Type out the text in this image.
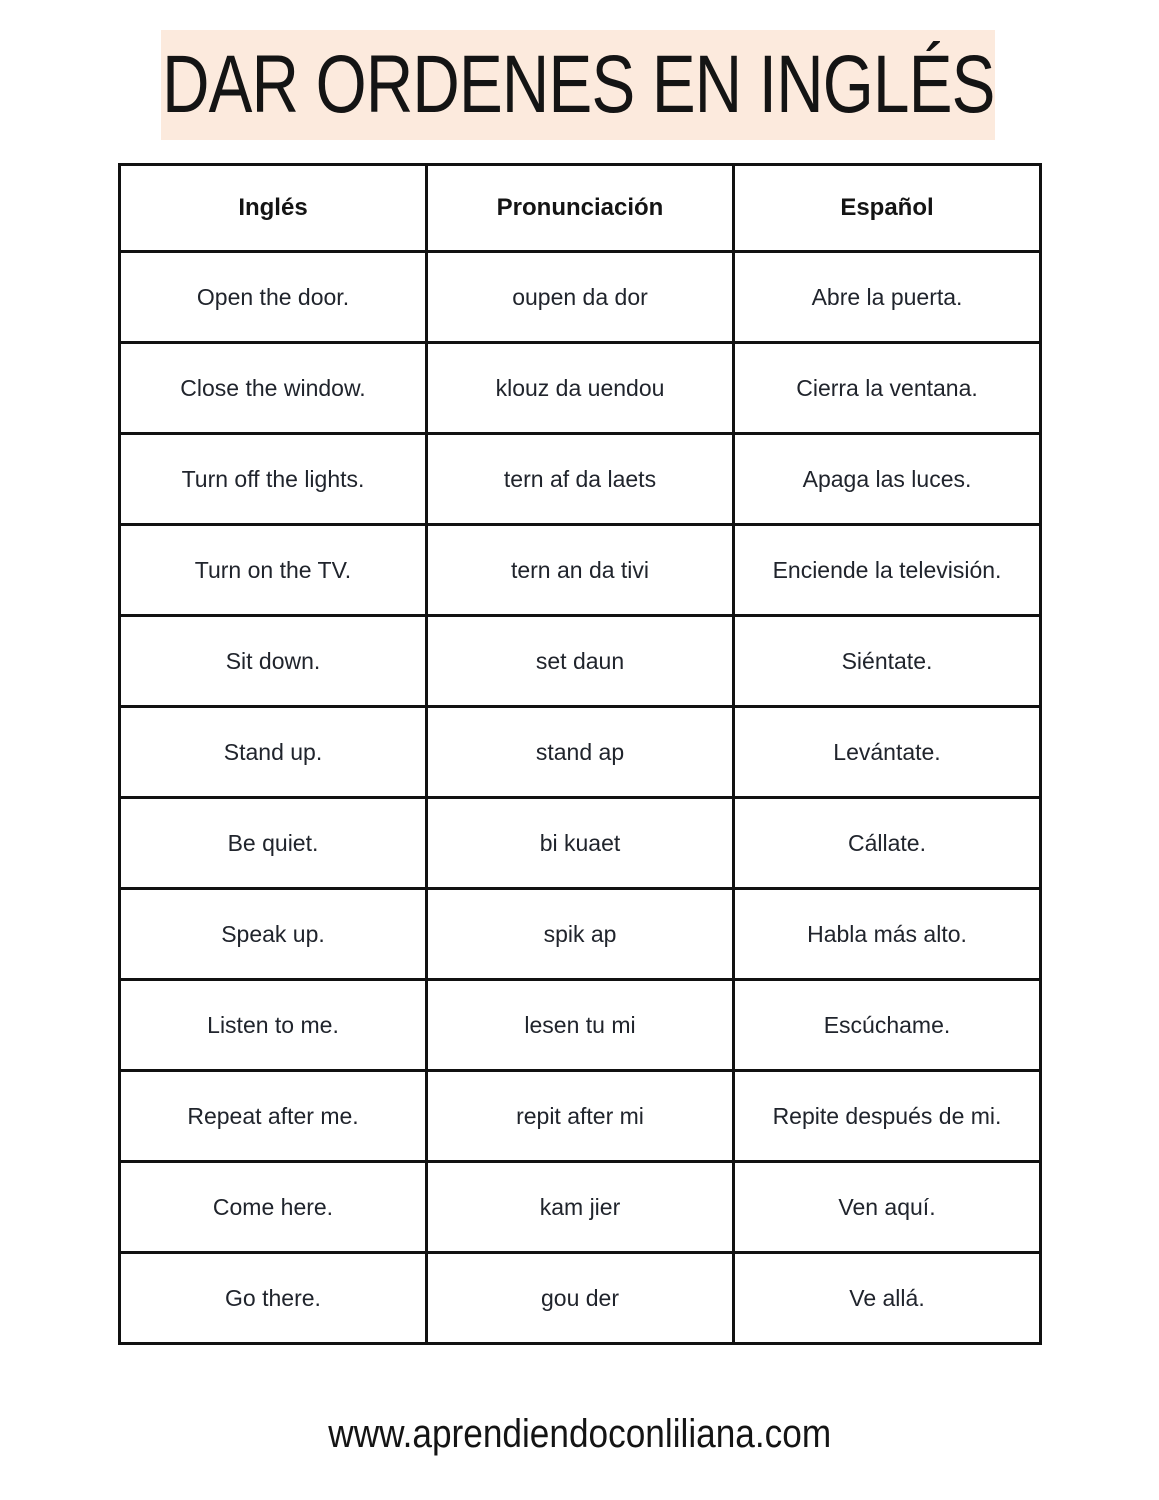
DAR ORDENES EN INGLÉS
Inglés	Pronunciación	Español
Open the door.	oupen da dor	Abre la puerta.
Close the window.	klouz da uendou	Cierra la ventana.
Turn off the lights.	tern af da laets	Apaga las luces.
Turn on the TV.	tern an da tivi	Enciende la televisión.
Sit down.	set daun	Siéntate.
Stand up.	stand ap	Levántate.
Be quiet.	bi kuaet	Cállate.
Speak up.	spik ap	Habla más alto.
Listen to me.	lesen tu mi	Escúchame.
Repeat after me.	repit after mi	Repite después de mi.
Come here.	kam jier	Ven aquí.
Go there.	gou der	Ve allá.
www.aprendiendoconliliana.com
